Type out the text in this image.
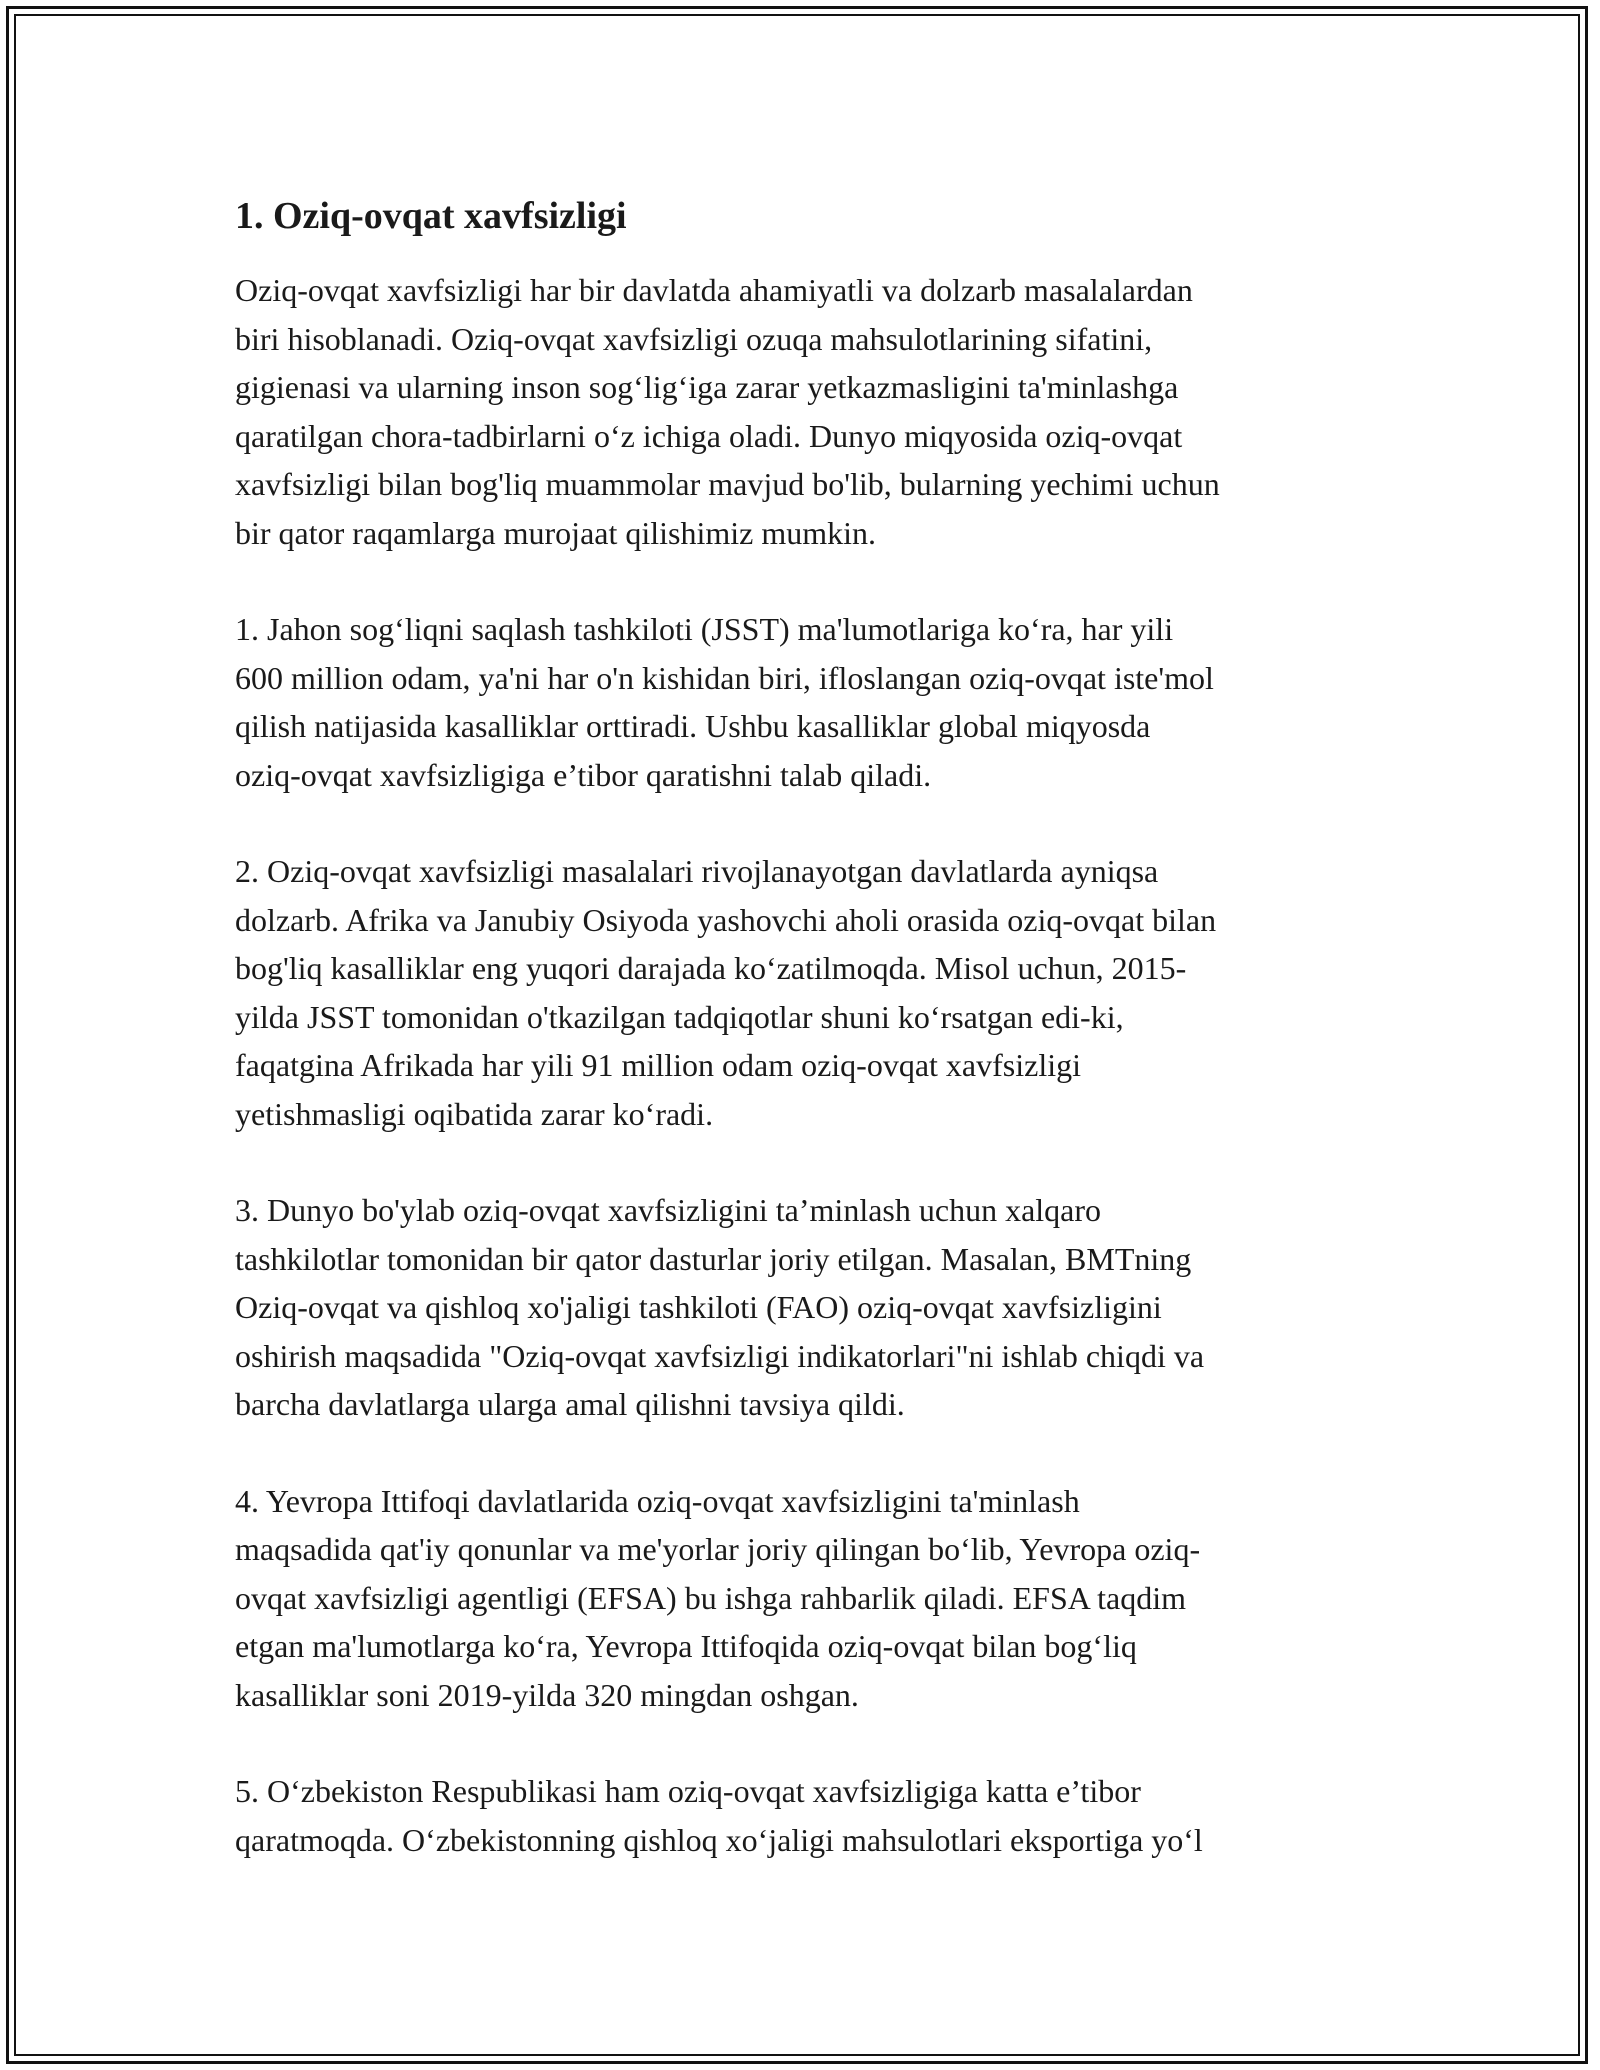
1. Oziq-ovqat xavfsizligi

Oziq-ovqat xavfsizligi har bir davlatda ahamiyatli va dolzarb masalalardan
biri hisoblanadi. Oziq-ovqat xavfsizligi ozuqa mahsulotlarining sifatini,
gigienasi va ularning inson sog‘lig‘iga zarar yetkazmasligini ta'minlashga
qaratilgan chora-tadbirlarni o‘z ichiga oladi. Dunyo miqyosida oziq-ovqat
xavfsizligi bilan bog'liq muammolar mavjud bo'lib, bularning yechimi uchun
bir qator raqamlarga murojaat qilishimiz mumkin.

1. Jahon sog‘liqni saqlash tashkiloti (JSST) ma'lumotlariga ko‘ra, har yili
600 million odam, ya'ni har o'n kishidan biri, ifloslangan oziq-ovqat iste'mol
qilish natijasida kasalliklar orttiradi. Ushbu kasalliklar global miqyosda
oziq-ovqat xavfsizligiga e’tibor qaratishni talab qiladi.

2. Oziq-ovqat xavfsizligi masalalari rivojlanayotgan davlatlarda ayniqsa
dolzarb. Afrika va Janubiy Osiyoda yashovchi aholi orasida oziq-ovqat bilan
bog'liq kasalliklar eng yuqori darajada ko‘zatilmoqda. Misol uchun, 2015-
yilda JSST tomonidan o'tkazilgan tadqiqotlar shuni ko‘rsatgan edi-ki,
faqatgina Afrikada har yili 91 million odam oziq-ovqat xavfsizligi
yetishmasligi oqibatida zarar ko‘radi.

3. Dunyo bo'ylab oziq-ovqat xavfsizligini ta’minlash uchun xalqaro
tashkilotlar tomonidan bir qator dasturlar joriy etilgan. Masalan, BMTning
Oziq-ovqat va qishloq xo'jaligi tashkiloti (FAO) oziq-ovqat xavfsizligini
oshirish maqsadida "Oziq-ovqat xavfsizligi indikatorlari"ni ishlab chiqdi va
barcha davlatlarga ularga amal qilishni tavsiya qildi.

4. Yevropa Ittifoqi davlatlarida oziq-ovqat xavfsizligini ta'minlash
maqsadida qat'iy qonunlar va me'yorlar joriy qilingan bo‘lib, Yevropa oziq-
ovqat xavfsizligi agentligi (EFSA) bu ishga rahbarlik qiladi. EFSA taqdim
etgan ma'lumotlarga ko‘ra, Yevropa Ittifoqida oziq-ovqat bilan bog‘liq
kasalliklar soni 2019-yilda 320 mingdan oshgan.

5. O‘zbekiston Respublikasi ham oziq-ovqat xavfsizligiga katta e’tibor
qaratmoqda. O‘zbekistonning qishloq xo‘jaligi mahsulotlari eksportiga yo‘l
